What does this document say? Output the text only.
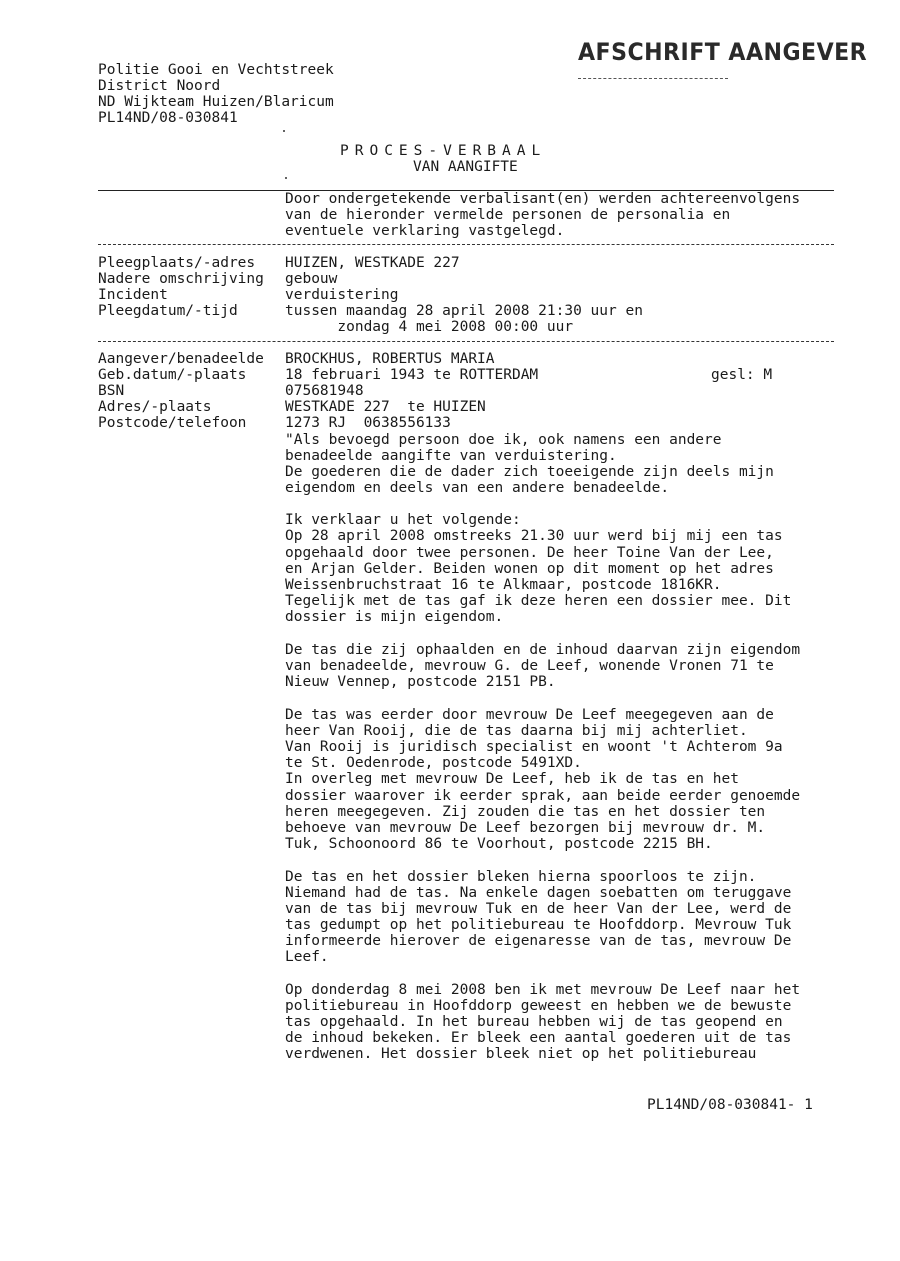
Politie Gooi en Vechtstreek
District Noord
ND Wijkteam Huizen/Blaricum
PL14ND/08-030841
AFSCHRIFT AANGEVER
PROCES-VERBAAL
VAN AANGIFTE
Door ondergetekende verbalisant(en) werden achtereenvolgens
van de hieronder vermelde personen de personalia en
eventuele verklaring vastgelegd.
Pleegplaats/-adres
Nadere omschrijving
Incident
Pleegdatum/-tijd
HUIZEN, WESTKADE 227
gebouw
verduistering
tussen maandag 28 april 2008 21:30 uur en
zondag 4 mei 2008 00:00 uur
Aangever/benadeelde
Geb.datum/-plaats
BSN
Adres/-plaats
Postcode/telefoon
BROCKHUS, ROBERTUS MARIA
18 februari 1943 te ROTTERDAM	gesl: M
075681948
WESTKADE 227  te HUIZEN
1273 RJ  0638556133
"Als bevoegd persoon doe ik, ook namens een andere
benadeelde aangifte van verduistering.
De goederen die de dader zich toeeigende zijn deels mijn
eigendom en deels van een andere benadeelde.
Ik verklaar u het volgende:
Op 28 april 2008 omstreeks 21.30 uur werd bij mij een tas
opgehaald door twee personen. De heer Toine Van der Lee,
en Arjan Gelder. Beiden wonen op dit moment op het adres
Weissenbruchstraat 16 te Alkmaar, postcode 1816KR.
Tegelijk met de tas gaf ik deze heren een dossier mee. Dit
dossier is mijn eigendom.
De tas die zij ophaalden en de inhoud daarvan zijn eigendom
van benadeelde, mevrouw G. de Leef, wonende Vronen 71 te
Nieuw Vennep, postcode 2151 PB.
De tas was eerder door mevrouw De Leef meegegeven aan de
heer Van Rooij, die de tas daarna bij mij achterliet.
Van Rooij is juridisch specialist en woont 't Achterom 9a
te St. Oedenrode, postcode 5491XD.
In overleg met mevrouw De Leef, heb ik de tas en het
dossier waarover ik eerder sprak, aan beide eerder genoemde
heren meegegeven. Zij zouden die tas en het dossier ten
behoeve van mevrouw De Leef bezorgen bij mevrouw dr. M.
Tuk, Schoonoord 86 te Voorhout, postcode 2215 BH.
De tas en het dossier bleken hierna spoorloos te zijn.
Niemand had de tas. Na enkele dagen soebatten om teruggave
van de tas bij mevrouw Tuk en de heer Van der Lee, werd de
tas gedumpt op het politiebureau te Hoofddorp. Mevrouw Tuk
informeerde hierover de eigenaresse van de tas, mevrouw De
Leef.
Op donderdag 8 mei 2008 ben ik met mevrouw De Leef naar het
politiebureau in Hoofddorp geweest en hebben we de bewuste
tas opgehaald. In het bureau hebben wij de tas geopend en
de inhoud bekeken. Er bleek een aantal goederen uit de tas
verdwenen. Het dossier bleek niet op het politiebureau
PL14ND/08-030841- 1
